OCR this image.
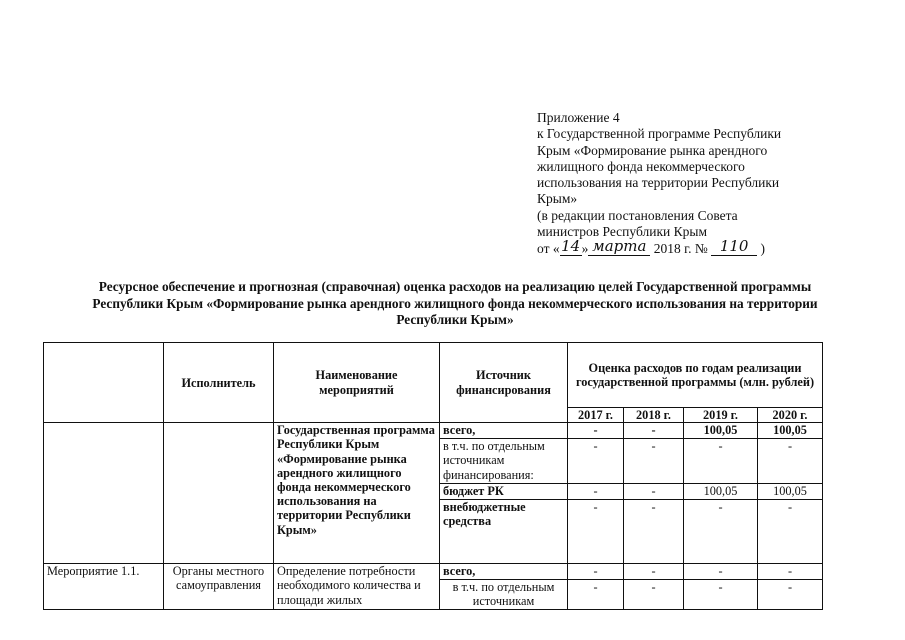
Приложение 4
к Государственной программе Республики
Крым «Формирование рынка арендного
жилищного фонда некоммерческого
использования на территории Республики
Крым»
(в редакции постановления Совета
министров Республики Крым
от «14» марта 2018 г. № 110 )
Ресурсное обеспечение и прогнозная (справочная) оценка расходов на реализацию целей Государственной программы Республики Крым «Формирование рынка арендного жилищного фонда некоммерческого использования на территории Республики Крым»
	Исполнитель	Наименование мероприятий	Источник финансирования	Оценка расходов по годам реализации государственной программы (млн. рублей)			
				2017 г.	2018 г.	2019 г.	2020 г.
		Государственная программа Республики Крым «Формирование рынка арендного жилищного фонда некоммерческого использования на территории Республики Крым»	всего,	-	-	100,05	100,05
			в т.ч. по отдельным источникам финансирования:	-	-	-	-
			бюджет РК	-	-	100,05	100,05
			внебюджетные средства	-	-	-	-
Мероприятие 1.1.	Органы местного самоуправления	Определение потребности необходимого количества и площади жилых	всего,	-	-	-	-
			в т.ч. по отдельным источникам	-	-	-	-
